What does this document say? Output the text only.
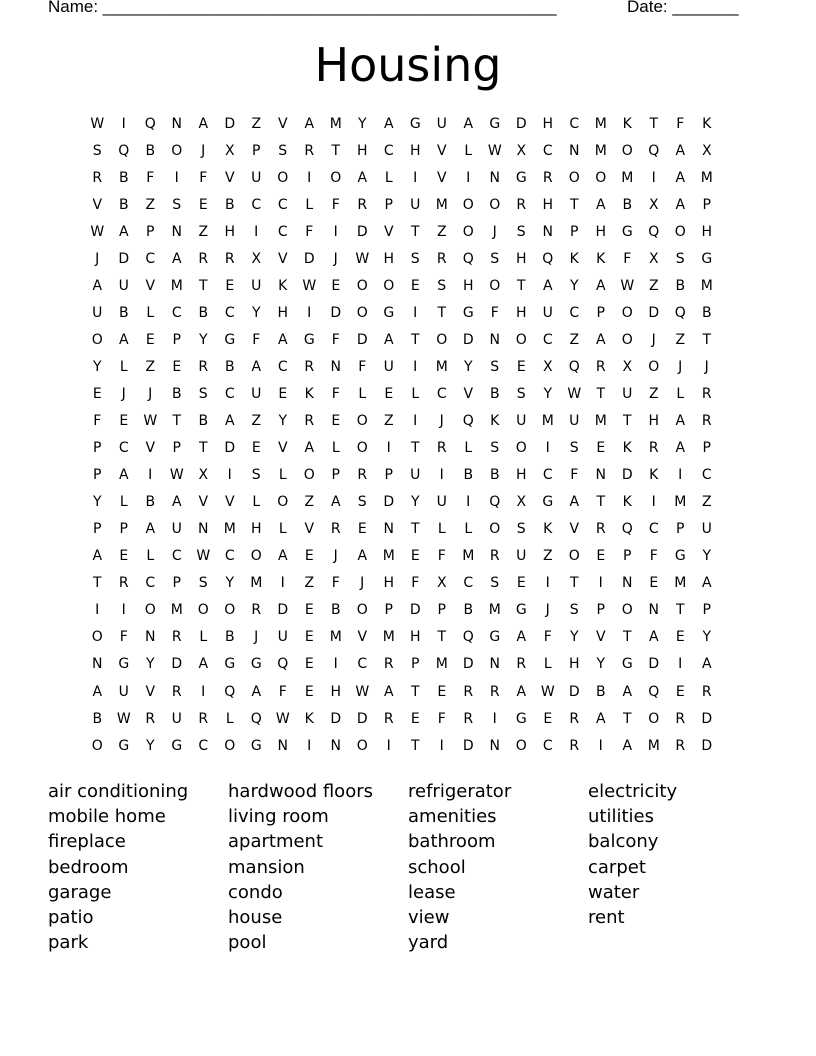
Name: ________________________________________________	Date: _______
Housing
W	I	Q	N	A	D	Z	V	A	M	Y	A	G	U	A	G	D	H	C	M	K	T	F	K
S	Q	B	O	J	X	P	S	R	T	H	C	H	V	L	W	X	C	N	M	O	Q	A	X
R	B	F	I	F	V	U	O	I	O	A	L	I	V	I	N	G	R	O	O	M	I	A	M
V	B	Z	S	E	B	C	C	L	F	R	P	U	M	O	O	R	H	T	A	B	X	A	P
W	A	P	N	Z	H	I	C	F	I	D	V	T	Z	O	J	S	N	P	H	G	Q	O	H
J	D	C	A	R	R	X	V	D	J	W	H	S	R	Q	S	H	Q	K	K	F	X	S	G
A	U	V	M	T	E	U	K	W	E	O	O	E	S	H	O	T	A	Y	A	W	Z	B	M
U	B	L	C	B	C	Y	H	I	D	O	G	I	T	G	F	H	U	C	P	O	D	Q	B
O	A	E	P	Y	G	F	A	G	F	D	A	T	O	D	N	O	C	Z	A	O	J	Z	T
Y	L	Z	E	R	B	A	C	R	N	F	U	I	M	Y	S	E	X	Q	R	X	O	J	J
E	J	J	B	S	C	U	E	K	F	L	E	L	C	V	B	S	Y	W	T	U	Z	L	R
F	E	W	T	B	A	Z	Y	R	E	O	Z	I	J	Q	K	U	M	U	M	T	H	A	R
P	C	V	P	T	D	E	V	A	L	O	I	T	R	L	S	O	I	S	E	K	R	A	P
P	A	I	W	X	I	S	L	O	P	R	P	U	I	B	B	H	C	F	N	D	K	I	C
Y	L	B	A	V	V	L	O	Z	A	S	D	Y	U	I	Q	X	G	A	T	K	I	M	Z
P	P	A	U	N	M	H	L	V	R	E	N	T	L	L	O	S	K	V	R	Q	C	P	U
A	E	L	C	W	C	O	A	E	J	A	M	E	F	M	R	U	Z	O	E	P	F	G	Y
T	R	C	P	S	Y	M	I	Z	F	J	H	F	X	C	S	E	I	T	I	N	E	M	A
I	I	O	M	O	O	R	D	E	B	O	P	D	P	B	M	G	J	S	P	O	N	T	P
O	F	N	R	L	B	J	U	E	M	V	M	H	T	Q	G	A	F	Y	V	T	A	E	Y
N	G	Y	D	A	G	G	Q	E	I	C	R	P	M	D	N	R	L	H	Y	G	D	I	A
A	U	V	R	I	Q	A	F	E	H	W	A	T	E	R	R	A	W	D	B	A	Q	E	R
B	W	R	U	R	L	Q	W	K	D	D	R	E	F	R	I	G	E	R	A	T	O	R	D
O	G	Y	G	C	O	G	N	I	N	O	I	T	I	D	N	O	C	R	I	A	M	R	D
air conditioning	hardwood floors	refrigerator	electricity
mobile home	living room	amenities	utilities
fireplace	apartment	bathroom	balcony
bedroom	mansion	school	carpet
garage	condo	lease	water
patio	house	view	rent
park	pool	yard
